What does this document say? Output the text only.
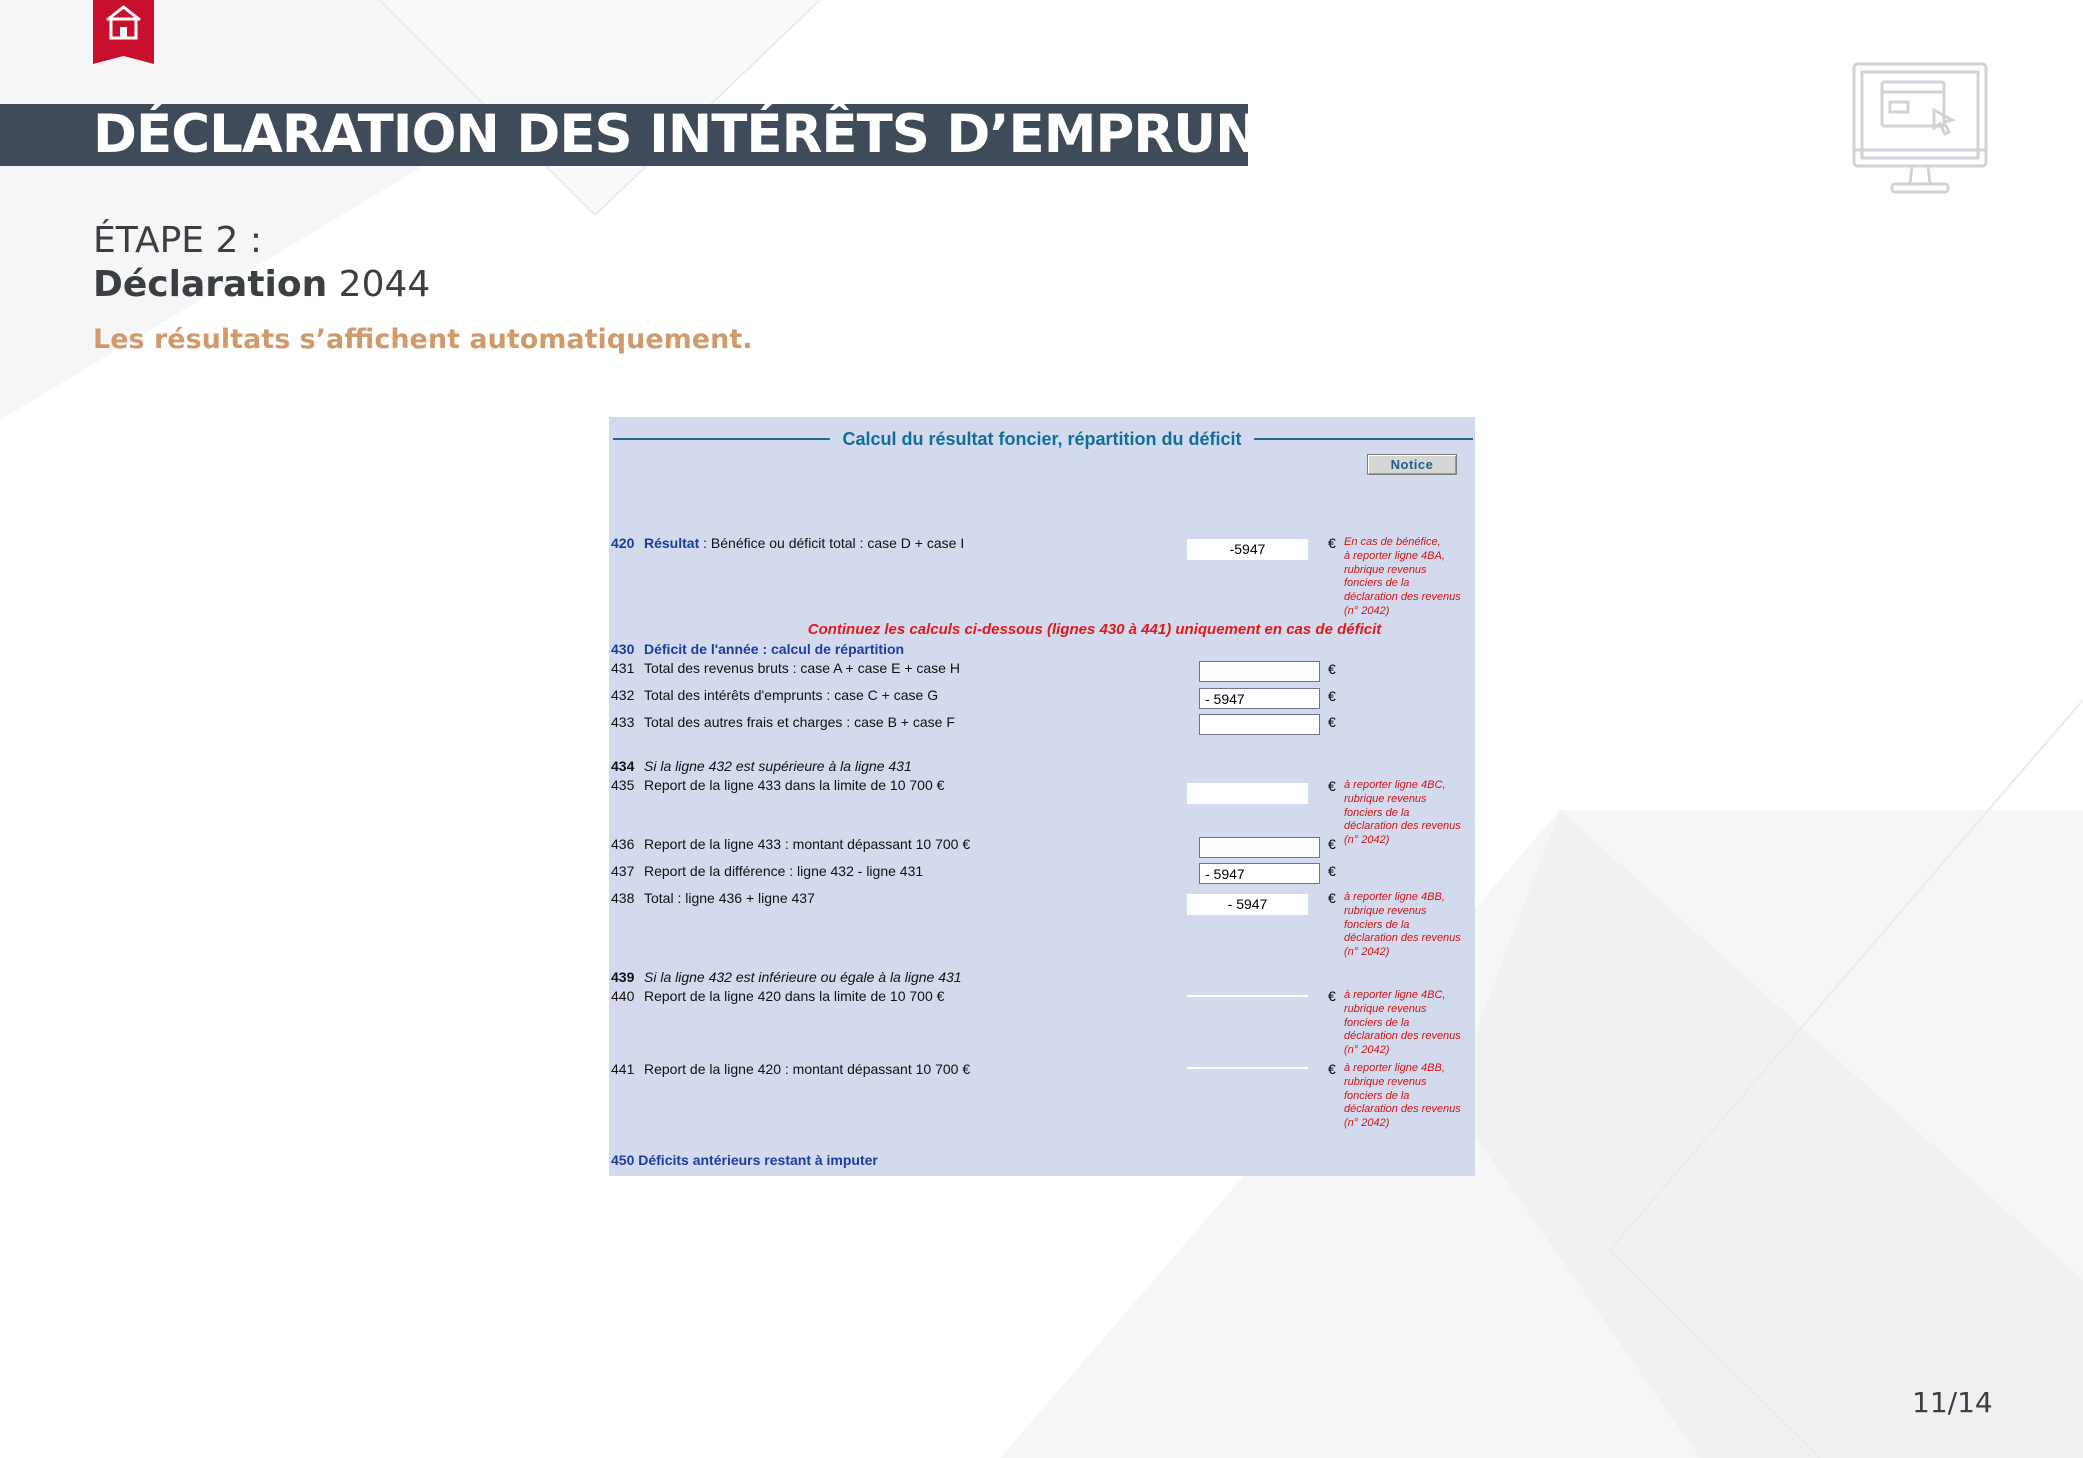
DÉCLARATION DES INTÉRÊTS D’EMPRUNT
ÉTAPE 2 :
Déclaration 2044
Les résultats s’affichent automatiquement.
Calcul du résultat foncier, répartition du déficit
Notice
420 Résultat : Bénéfice ou déficit total : case D + case I	-5947	€ En cas de bénéfice,
à reporter ligne 4BA,
rubrique revenus
fonciers de la
déclaration des revenus
(n° 2042)
Continuez les calculs ci-dessous (lignes 430 à 441) uniquement en cas de déficit
430 Déficit de l'année : calcul de répartition
431 Total des revenus bruts : case A + case E + case H	€
432 Total des intérêts d'emprunts : case C + case G	- 5947	€
433 Total des autres frais et charges : case B + case F	€
434 Si la ligne 432 est supérieure à la ligne 431
435 Report de la ligne 433 dans la limite de 10 700 €	€ à reporter ligne 4BC,
rubrique revenus
fonciers de la
déclaration des revenus
(n° 2042)
436 Report de la ligne 433 : montant dépassant 10 700 €	€
437 Report de la différence : ligne 432 - ligne 431	- 5947	€
438 Total : ligne 436 + ligne 437	- 5947	€ à reporter ligne 4BB,
rubrique revenus
fonciers de la
déclaration des revenus
(n° 2042)
439 Si la ligne 432 est inférieure ou égale à la ligne 431
440 Report de la ligne 420 dans la limite de 10 700 €	€ à reporter ligne 4BC,
rubrique revenus
fonciers de la
déclaration des revenus
(n° 2042)
441 Report de la ligne 420 : montant dépassant 10 700 €	€ à reporter ligne 4BB,
rubrique revenus
fonciers de la
déclaration des revenus
(n° 2042)
450 Déficits antérieurs restant à imputer
11/14
